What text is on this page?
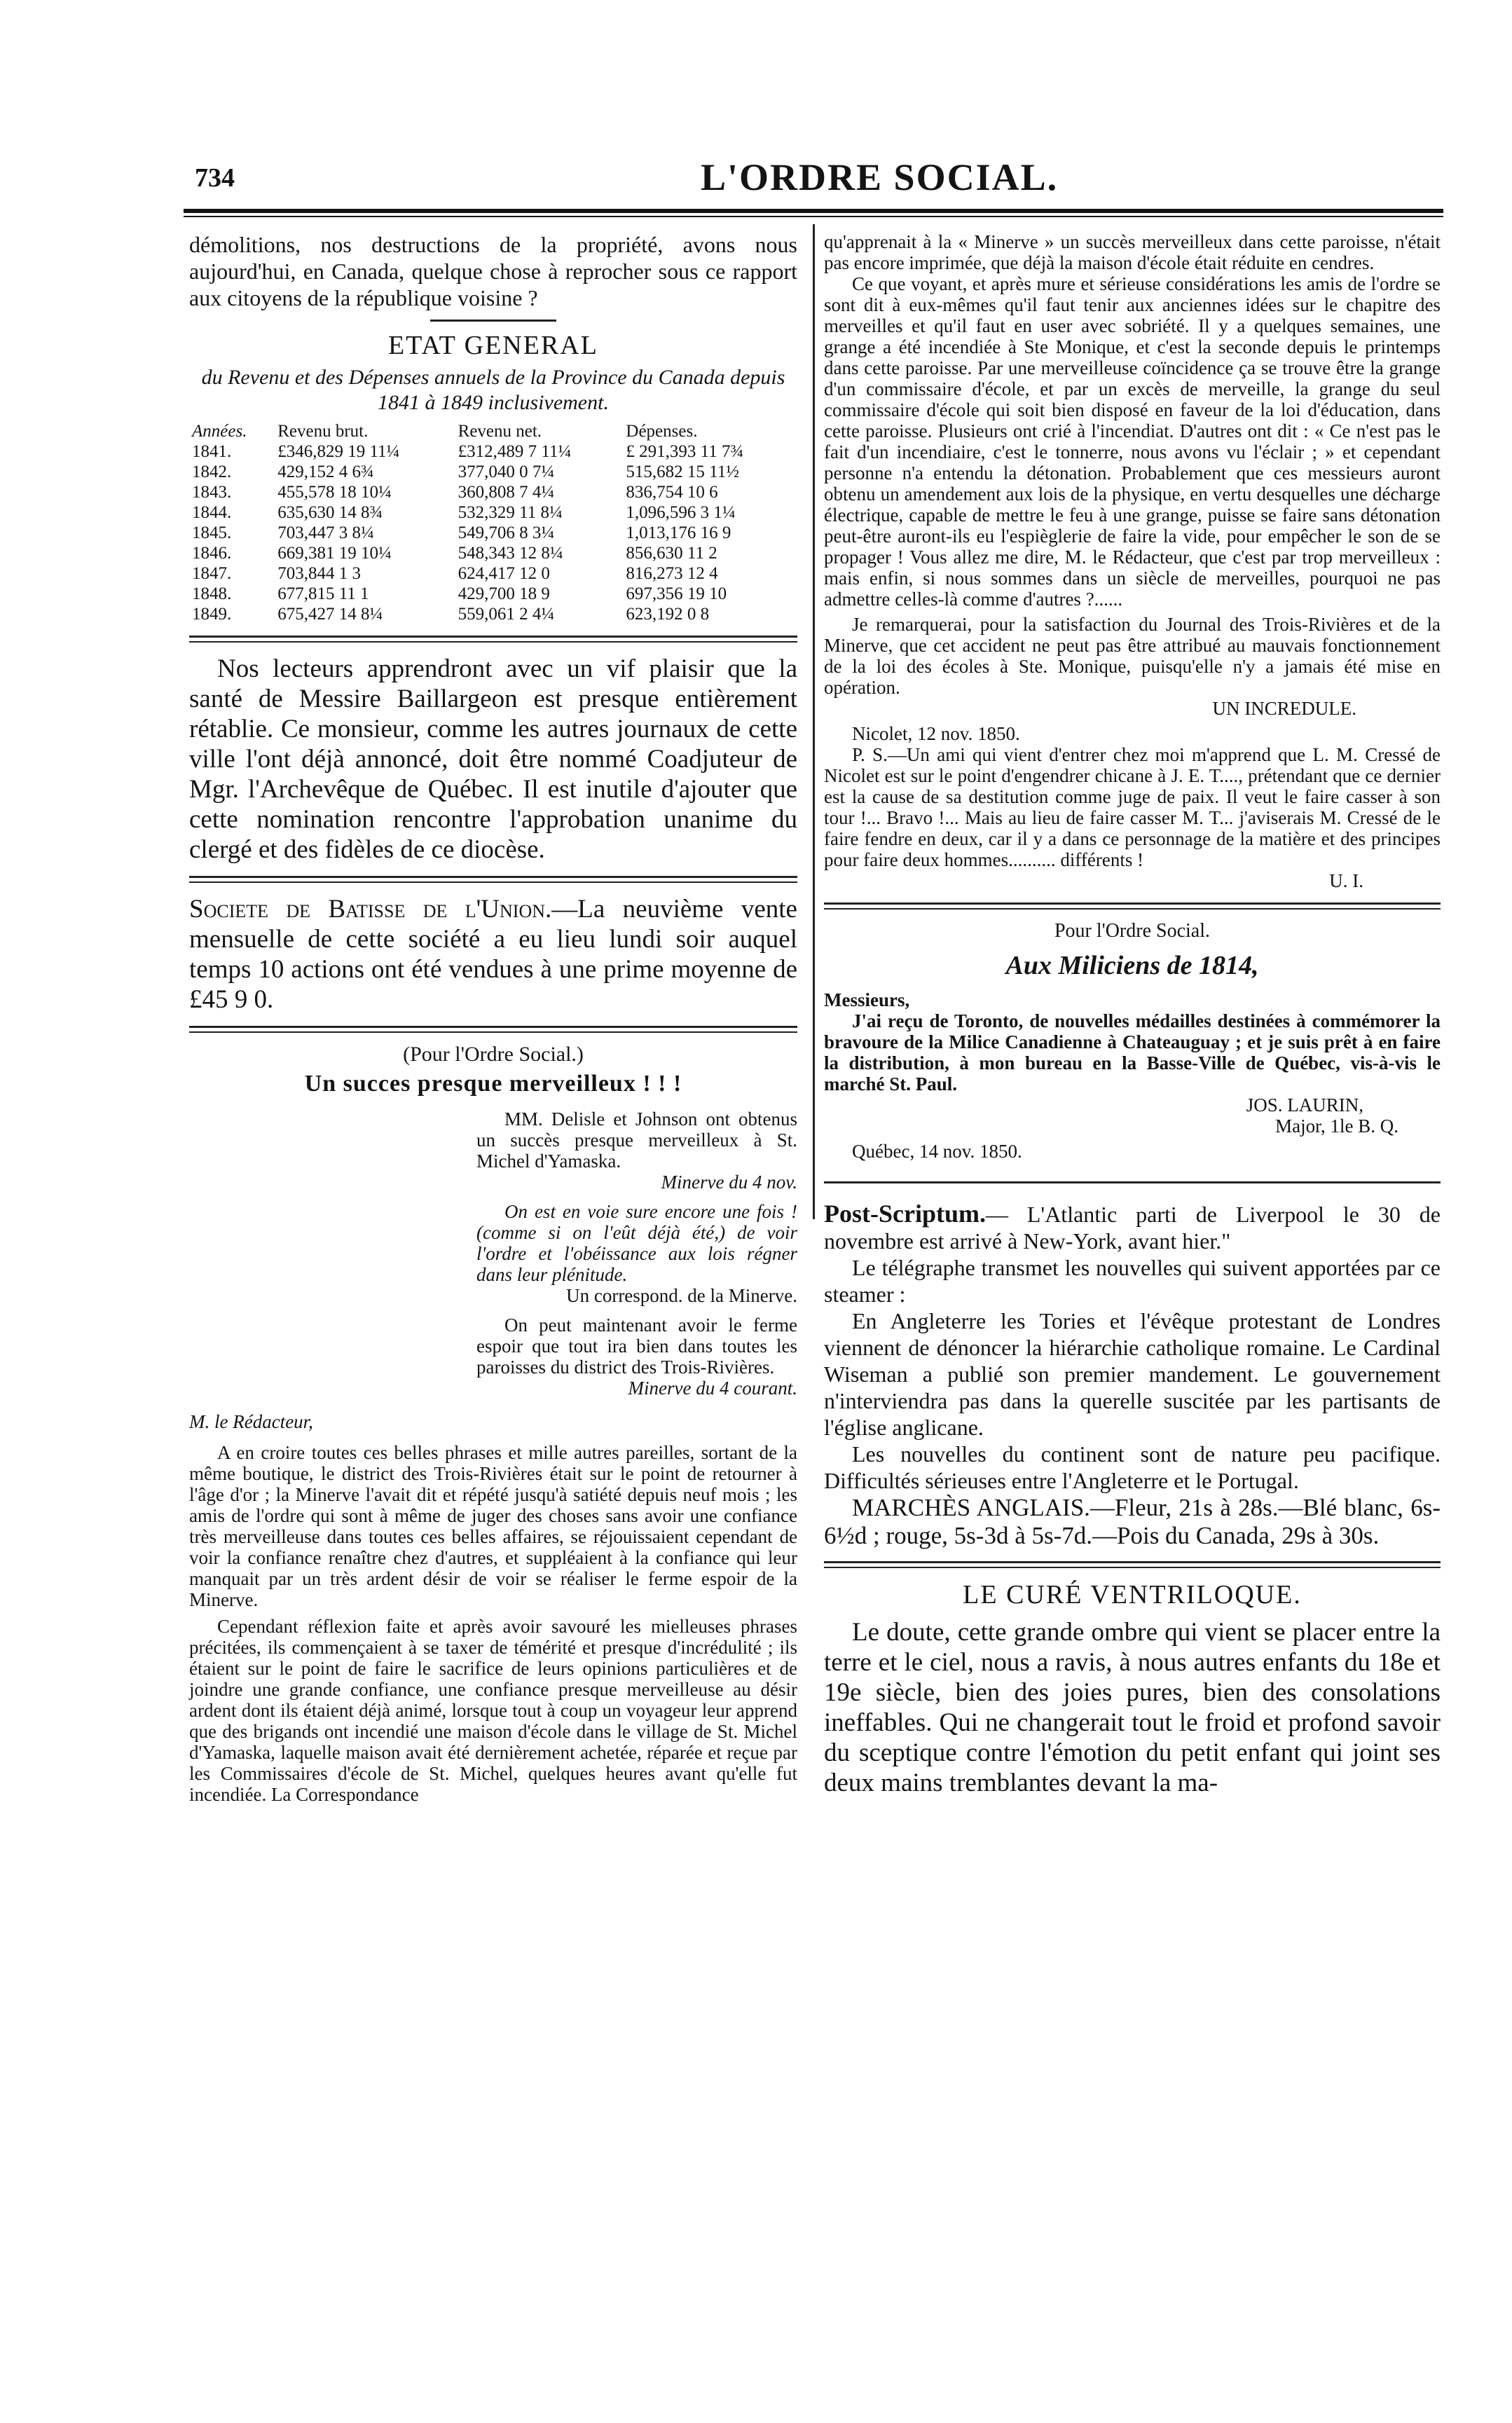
734	L'ORDRE SOCIAL.

démolitions, nos destructions de la propriété, avons nous aujourd'hui, en Canada, quelque chose à reprocher sous ce rapport aux citoyens de la république voisine ?

ETAT GENERAL
du Revenu et des Dépenses annuels de la Province du Canada depuis 1841 à 1849 inclusivement.
Années.	Revenu brut.	Revenu net.	Dépenses.
1841.	£346,829 19 11¼	£312,489 7 11¼	£ 291,393 11 7¾
1842.	429,152 4 6¾	377,040 0 7¼	515,682 15 11½
1843.	455,578 18 10¼	360,808 7 4¼	836,754 10 6
1844.	635,630 14 8¾	532,329 11 8¼	1,096,596 3 1¼
1845.	703,447 3 8¼	549,706 8 3¼	1,013,176 16 9
1846.	669,381 19 10¼	548,343 12 8¼	856,630 11 2
1847.	703,844 1 3	624,417 12 0	816,273 12 4
1848.	677,815 11 1	429,700 18 9	697,356 19 10
1849.	675,427 14 8¼	559,061 2 4¼	623,192 0 8

Nos lecteurs apprendront avec un vif plaisir que la santé de Messire Baillargeon est presque entièrement rétablie. Ce monsieur, comme les autres journaux de cette ville l'ont déjà annoncé, doit être nommé Coadjuteur de Mgr. l'Archevêque de Québec. Il est inutile d'ajouter que cette nomination rencontre l'approbation unanime du clergé et des fidèles de ce diocèse.

Societe de Batisse de l'Union.—La neuvième vente mensuelle de cette société a eu lieu lundi soir auquel temps 10 actions ont été vendues à une prime moyenne de £45 9 0.

(Pour l'Ordre Social.)

Un succes presque merveilleux ! ! !

MM. Delisle et Johnson ont obtenus un succès presque merveilleux à St. Michel d'Yamaska.

Minerve du 4 nov.

On est en voie sure encore une fois ! (comme si on l'eût déjà été,) de voir l'ordre et l'obéissance aux lois régner dans leur plénitude.

Un correspond. de la Minerve.

On peut maintenant avoir le ferme espoir que tout ira bien dans toutes les paroisses du district des Trois-Rivières.

Minerve du 4 courant.

M. le Rédacteur,

A en croire toutes ces belles phrases et mille autres pareilles, sortant de la même boutique, le district des Trois-Rivières était sur le point de retourner à l'âge d'or ; la Minerve l'avait dit et répété jusqu'à satiété depuis neuf mois ; les amis de l'ordre qui sont à même de juger des choses sans avoir une confiance très merveilleuse dans toutes ces belles affaires, se réjouissaient cependant de voir la confiance renaître chez d'autres, et suppléaient à la confiance qui leur manquait par un très ardent désir de voir se réaliser le ferme espoir de la Minerve.

Cependant réflexion faite et après avoir savouré les mielleuses phrases précitées, ils commençaient à se taxer de témérité et presque d'incrédulité ; ils étaient sur le point de faire le sacrifice de leurs opinions particulières et de joindre une grande confiance, une confiance presque merveilleuse au désir ardent dont ils étaient déjà animé, lorsque tout à coup un voyageur leur apprend que des brigands ont incendié une maison d'école dans le village de St. Michel d'Yamaska, laquelle maison avait été dernièrement achetée, réparée et reçue par les Commissaires d'école de St. Michel, quelques heures avant qu'elle fut incendiée. La Correspondance

qu'apprenait à la « Minerve » un succès merveilleux dans cette paroisse, n'était pas encore imprimée, que déjà la maison d'école était réduite en cendres.

Ce que voyant, et après mure et sérieuse considérations les amis de l'ordre se sont dit à eux-mêmes qu'il faut tenir aux anciennes idées sur le chapitre des merveilles et qu'il faut en user avec sobriété. Il y a quelques semaines, une grange a été incendiée à Ste Monique, et c'est la seconde depuis le printemps dans cette paroisse. Par une merveilleuse coïncidence ça se trouve être la grange d'un commissaire d'école, et par un excès de merveille, la grange du seul commissaire d'école qui soit bien disposé en faveur de la loi d'éducation, dans cette paroisse. Plusieurs ont crié à l'incendiat. D'autres ont dit : « Ce n'est pas le fait d'un incendiaire, c'est le tonnerre, nous avons vu l'éclair ; » et cependant personne n'a entendu la détonation. Probablement que ces messieurs auront obtenu un amendement aux lois de la physique, en vertu desquelles une décharge électrique, capable de mettre le feu à une grange, puisse se faire sans détonation peut-être auront-ils eu l'espièglerie de faire la vide, pour empêcher le son de se propager ! Vous allez me dire, M. le Rédacteur, que c'est par trop merveilleux : mais enfin, si nous sommes dans un siècle de merveilles, pourquoi ne pas admettre celles-là comme d'autres ?......

Je remarquerai, pour la satisfaction du Journal des Trois-Rivières et de la Minerve, que cet accident ne peut pas être attribué au mauvais fonctionnement de la loi des écoles à Ste. Monique, puisqu'elle n'y a jamais été mise en opération.

UN INCREDULE.

Nicolet, 12 nov. 1850.

P. S.—Un ami qui vient d'entrer chez moi m'apprend que L. M. Cressé de Nicolet est sur le point d'engendrer chicane à J. E. T...., prétendant que ce dernier est la cause de sa destitution comme juge de paix. Il veut le faire casser à son tour !... Bravo !... Mais au lieu de faire casser M. T... j'aviserais M. Cressé de le faire fendre en deux, car il y a dans ce personnage de la matière et des principes pour faire deux hommes.......... différents !

U. I.

Pour l'Ordre Social.

Aux Miliciens de 1814,

Messieurs,

J'ai reçu de Toronto, de nouvelles médailles destinées à commémorer la bravoure de la Milice Canadienne à Chateauguay ; et je suis prêt à en faire la distribution, à mon bureau en la Basse-Ville de Québec, vis-à-vis le marché St. Paul.

JOS. LAURIN,

Major, 1le B. Q.

Québec, 14 nov. 1850.

Post-Scriptum.— L'Atlantic parti de Liverpool le 30 de novembre est arrivé à New-York, avant hier."

Le télégraphe transmet les nouvelles qui suivent apportées par ce steamer :

En Angleterre les Tories et l'évêque protestant de Londres viennent de dénoncer la hiérarchie catholique romaine. Le Cardinal Wiseman a publié son premier mandement. Le gouvernement n'interviendra pas dans la querelle suscitée par les partisants de l'église anglicane.

Les nouvelles du continent sont de nature peu pacifique. Difficultés sérieuses entre l'Angleterre et le Portugal.

MARCHÈS ANGLAIS.—Fleur, 21s à 28s.—Blé blanc, 6s-6½d ; rouge, 5s-3d à 5s-7d.—Pois du Canada, 29s à 30s.

LE CURÉ VENTRILOQUE.

Le doute, cette grande ombre qui vient se placer entre la terre et le ciel, nous a ravis, à nous autres enfants du 18e et 19e siècle, bien des joies pures, bien des consolations ineffables. Qui ne changerait tout le froid et profond savoir du sceptique contre l'émotion du petit enfant qui joint ses deux mains tremblantes devant la ma-
